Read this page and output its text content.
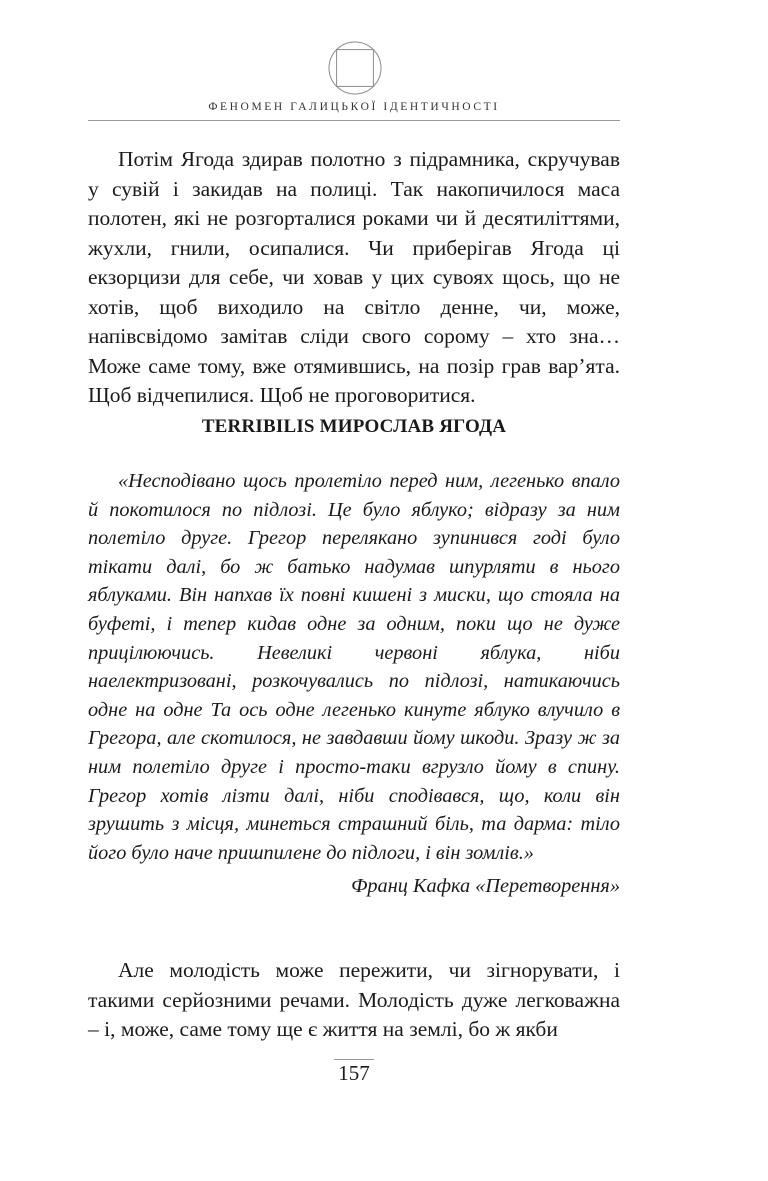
ФЕНОМЕН ГАЛИЦЬКОЇ ІДЕНТИЧНОСТІ

Потім Ягода здирав полотно з підрамника, скручував у сувій і закидав на полиці. Так накопичилося маса полотен, які не розгорталися роками чи й десятиліттями, жухли, гнили, осипалися. Чи приберігав Ягода ці екзорцизи для себе, чи ховав у цих сувоях щось, що не хотів, щоб виходило на світло денне, чи, може, напівсвідомо замітав сліди свого сорому – хто зна… Може саме тому, вже отямившись, на позір грав вар’ята. Щоб відчепилися. Щоб не проговоритися.

TERRIBILIS МИРОСЛАВ ЯГОДА

«Несподівано щось пролетіло перед ним, легенько впало й покотилося по підлозі. Це було яблуко; відразу за ним полетіло друге. Грегор перелякано зупинився годі було тікати далі, бо ж батько надумав шпурляти в нього яблуками. Він напхав їх повні кишені з миски, що стояла на буфеті, і тепер кидав одне за одним, поки що не дуже прицілюючись. Невеликі червоні яблука, ніби наелектризовані, розкочувались по підлозі, натикаючись одне на одне Та ось одне легенько кинуте яблуко влучило в Грегора, але скотилося, не завдавши йому шкоди. Зразу ж за ним полетіло друге і просто-таки вгрузло йому в спину. Грегор хотів лізти далі, ніби сподівався, що, коли він зрушить з місця, минеться страшний біль, та дарма: тіло його було наче пришпилене до підлоги, і він зомлів.»

Франц Кафка «Перетворення»

Але молодість може пережити, чи зігнорувати, і такими серйозними речами. Молодість дуже легковажна – і, може, саме тому ще є життя на землі, бо ж якби

157
